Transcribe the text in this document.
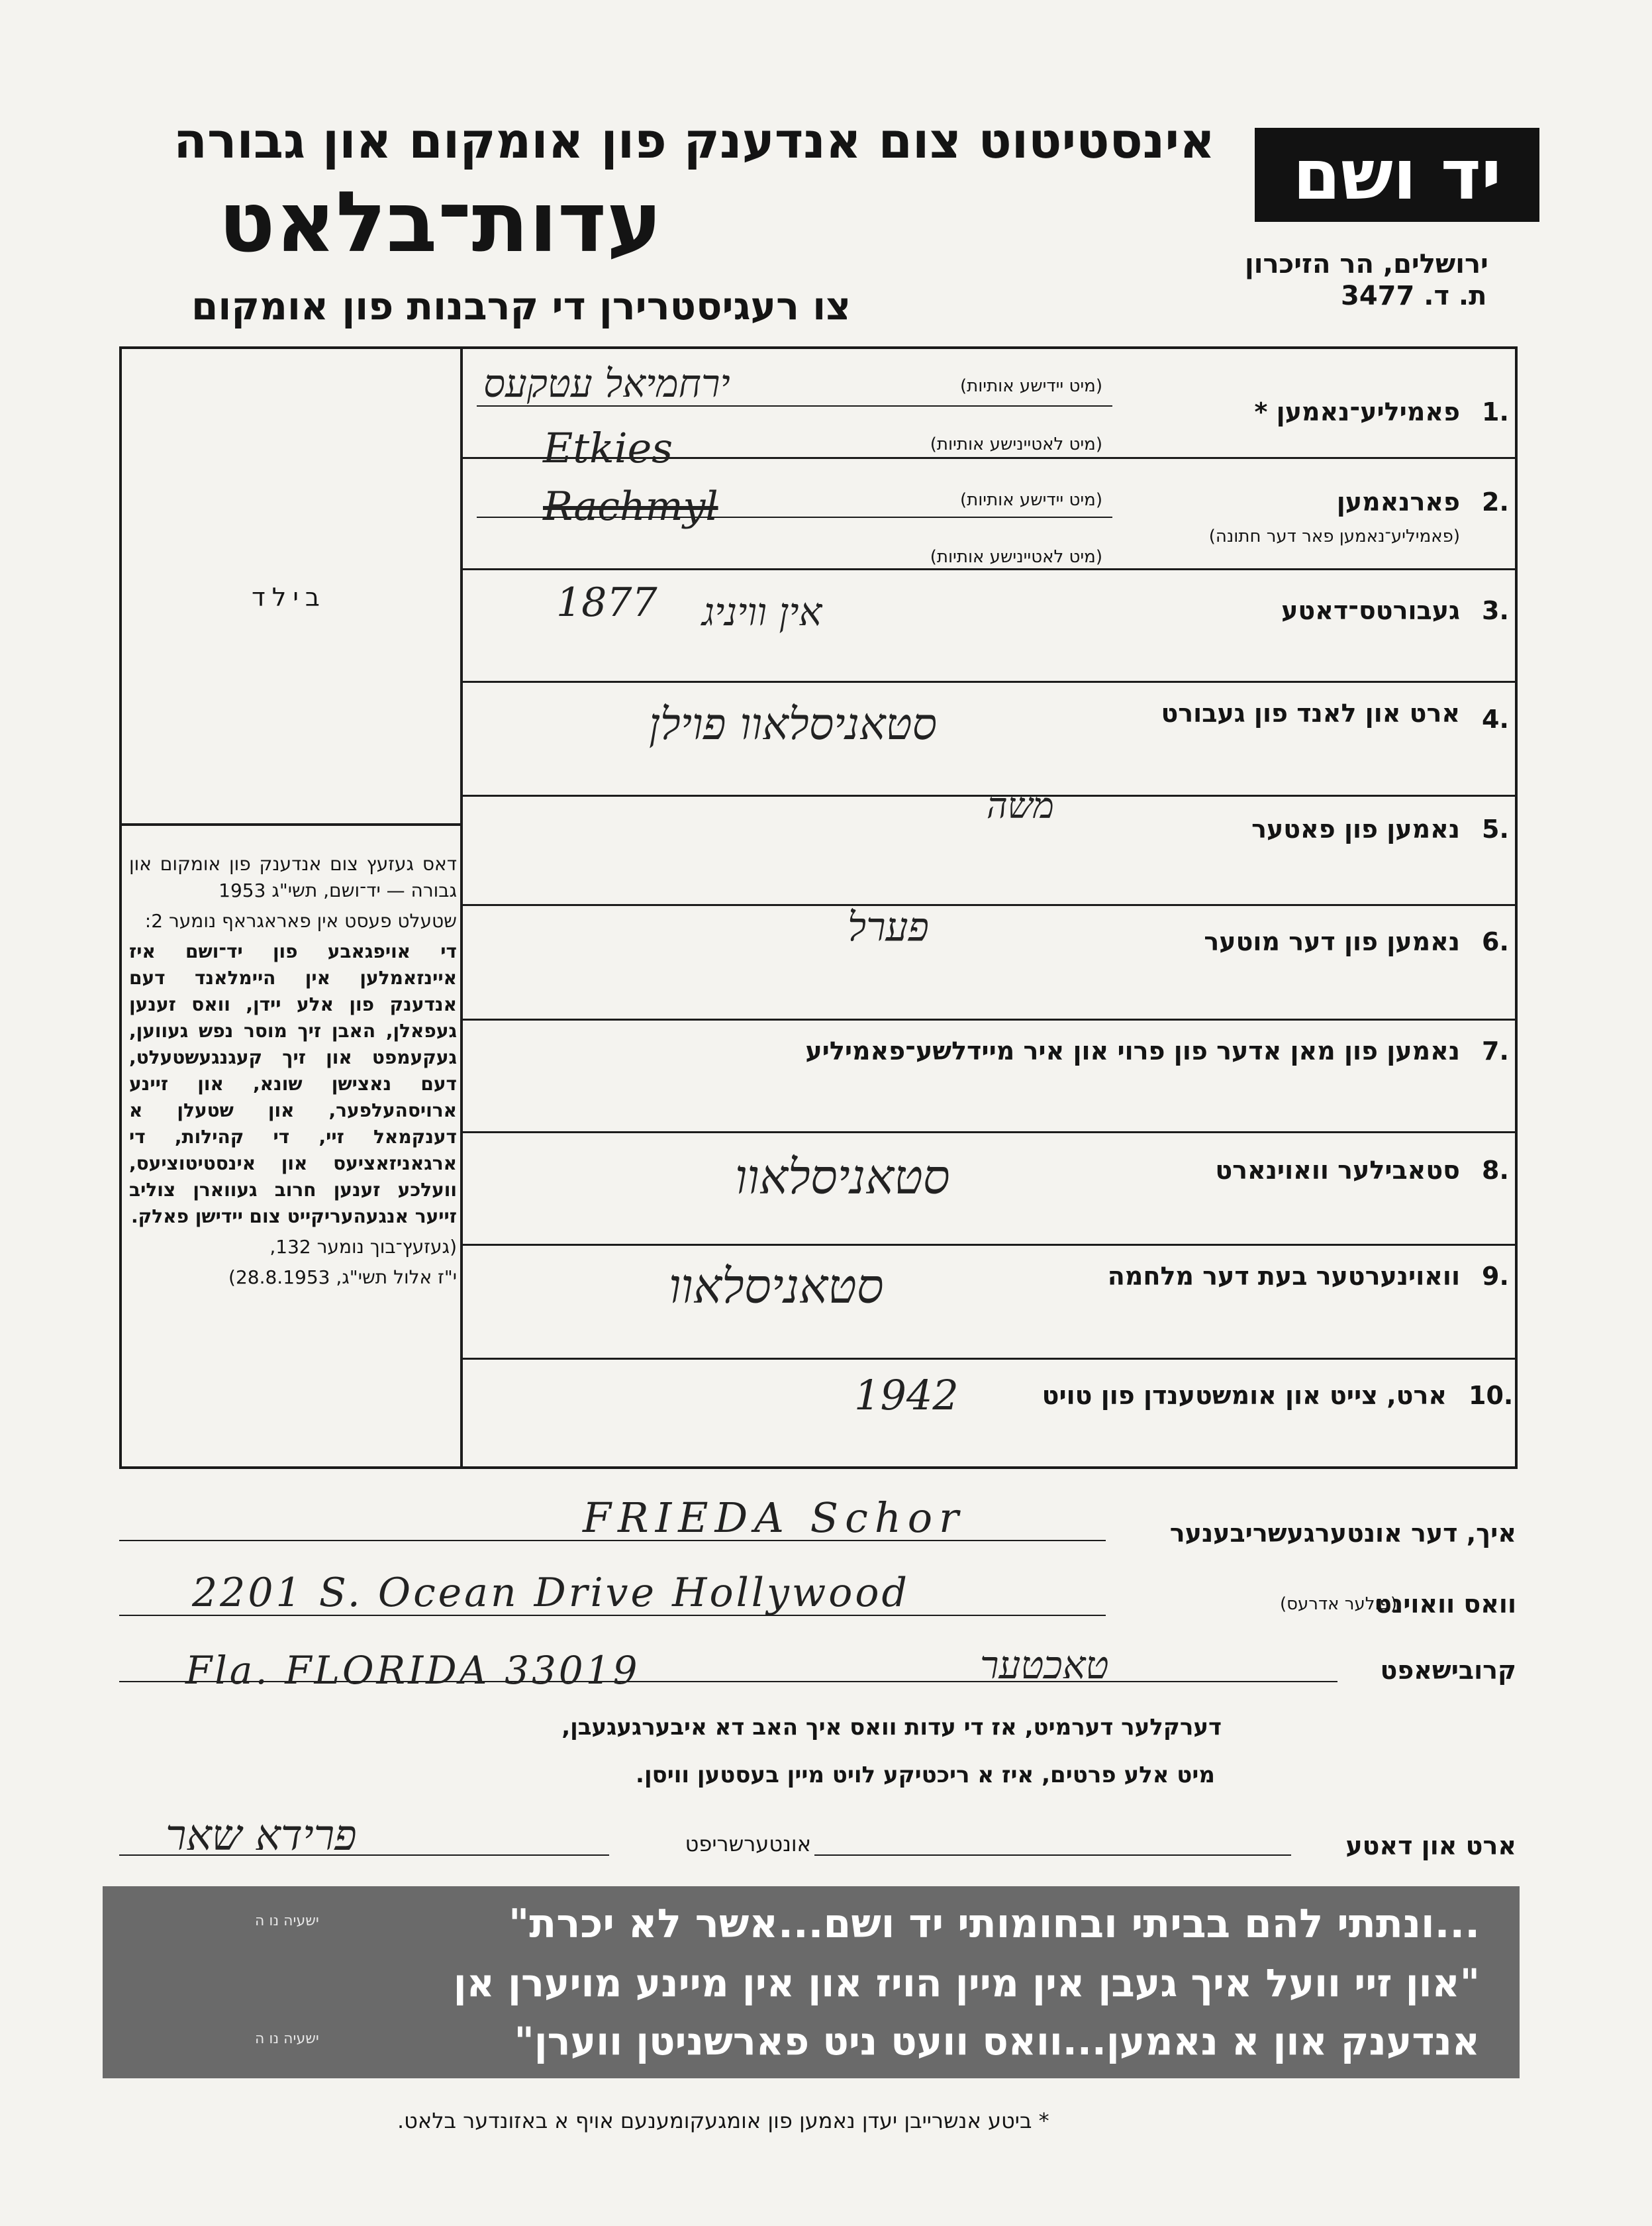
אינסטיטוט צום אנדענק פון אומקום און גבורה
עדות־בלאט
צו רעגיסטרירן די קרבנות פון אומקום
יד ושם
ירושלים, הר הזיכרון
ת. ד. 3477
בילד
דאס געזעץ צום אנדענק פון אומקום און גבורה — יד־ושם, תשי"ג 1953
שטעלט פעסט אין פאראגראף נומער 2:
די אויפגאבע פון יד־ושם איז איינזאמלען אין היימלאנד דעם אנדענק פון אלע יידן, וואס זענען געפאלן, האבן זיך מוסר נפש געווען, געקעמפט און זיך קעגנגעשטעלט, דעם נאצישן שונא, און זיינע ארויסהעלפער, און שטעלן א דענקמאל זיי, די קהילות, די ארגאניזאציעס און אינסטיטוציעס, וועלכע זענען חרוב געווארן צוליב זייער אנגעהעריקייט צום יידישן פאלק.
(געזעץ־בוך נומער 132,
י"ז אלול תשי"ג, 28.8.1953)
1.
פאמיליע־נאמען *
(מיט יידישע אותיות)
(מיט לאטיינישע אותיות)
ירחמיאל עטקעס
Etkies
2.
פארנאמען
(פאמיליע־נאמען פאר דער חתונה)
(מיט יידישע אותיות)
(מיט לאטיינישע אותיות)
Rachmyl
3.
געבורטס־דאטע
1877 אין וויניג
4.
ארט און לאנד פון געבורט
סטאניסלאוו פוילן
5.
נאמען פון פאטער
משה
6.
נאמען פון דער מוטער
פערל
7.
נאמען פון מאן אדער פון פרוי און איר מיידלשע־פאמיליע
8.
סטאבילער וואוינארט
סטאניסלאוו
9.
וואוינערטער בעת דער מלחמה
סטאניסלאוו
10.
ארט, צייט און אומשטענדן פון טויט
1942
איך, דער אונטערגעשריבענער
FRIEDA Schor
וואס וואוינט
(פולער אדרעס)
2201 S. Ocean Drive Hollywood
קרובישאפט
Fla. FLORIDA 33019	טאכטער
דערקלער דערמיט, אז די עדות וואס איך האב דא איבערגעגעבן,
מיט אלע פרטים, איז א ריכטיקע לויט מיין בעסטען וויסן.
ארט און דאטע
אונטערשריפט
פרידא שאר
...ונתתי להם בביתי ובחומותי יד ושם...אשר לא יכרת"
ישעיה נו ה
"און זיי וועל איך געבן אין מיין הויז און אין מיינע מויערן אן
אנדענק און א נאמען...וואס וועט ניט פארשניטן ווערן"
ישעיה נו ה
* ביטע אנשרייבן יעדן נאמען פון אומגעקומענעם אויף א באזונדער בלאט.
